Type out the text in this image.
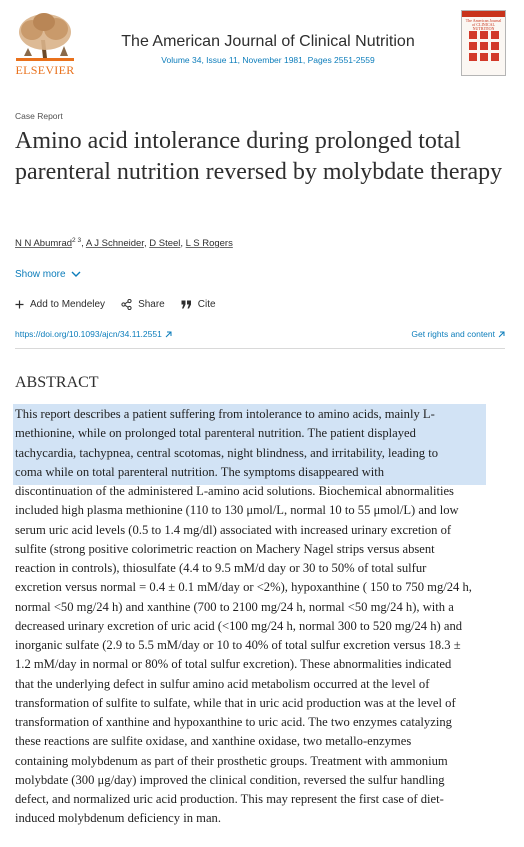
ELSEVIER
The American Journal of Clinical Nutrition
Volume 34, Issue 11, November 1981, Pages 2551-2559
The American Journal of CLINICAL NUTRITION
Case Report
Amino acid intolerance during prolonged total parenteral nutrition reversed by molybdate therapy
N N Abumrad$^{2 3}$, A J Schneider, D Steel, L S Rogers
Show more
Add to Mendeley	Share	Cite
https://doi.org/10.1093/ajcn/34.11.2551	Get rights and content
ABSTRACT
This report describes a patient suffering from intolerance to amino acids, mainly L-
methionine, while on prolonged total parenteral nutrition. The patient displayed
tachycardia, tachypnea, central scotomas, night blindness, and irritability, leading to
coma while on total parenteral nutrition. The symptoms disappeared with
discontinuation of the administered L-amino acid solutions. Biochemical abnormalities
included high plasma methionine (110 to 130 μmol/L, normal 10 to 55 μmol/L) and low
serum uric acid levels (0.5 to 1.4 mg/dl) associated with increased urinary excretion of
sulfite (strong positive colorimetric reaction on Machery Nagel strips versus absent
reaction in controls), thiosulfate (4.4 to 9.5 mM/d day or 30 to 50% of total sulfur
excretion versus normal = 0.4 ± 0.1 mM/day or <2%), hypoxanthine ( 150 to 750 mg/24 h,
normal <50 mg/24 h) and xanthine (700 to 2100 mg/24 h, normal <50 mg/24 h), with a
decreased urinary excretion of uric acid (<100 mg/24 h, normal 300 to 520 mg/24 h) and
inorganic sulfate (2.9 to 5.5 mM/day or 10 to 40% of total sulfur excretion versus 18.3 ±
1.2 mM/day in normal or 80% of total sulfur excretion). These abnormalities indicated
that the underlying defect in sulfur amino acid metabolism occurred at the level of
transformation of sulfite to sulfate, while that in uric acid production was at the level of
transformation of xanthine and hypoxanthine to uric acid. The two enzymes catalyzing
these reactions are sulfite oxidase, and xanthine oxidase, two metallo-enzymes
containing molybdenum as part of their prosthetic groups. Treatment with ammonium
molybdate (300 μg/day) improved the clinical condition, reversed the sulfur handling
defect, and normalized uric acid production. This may represent the first case of diet-
induced molybdenum deficiency in man.
